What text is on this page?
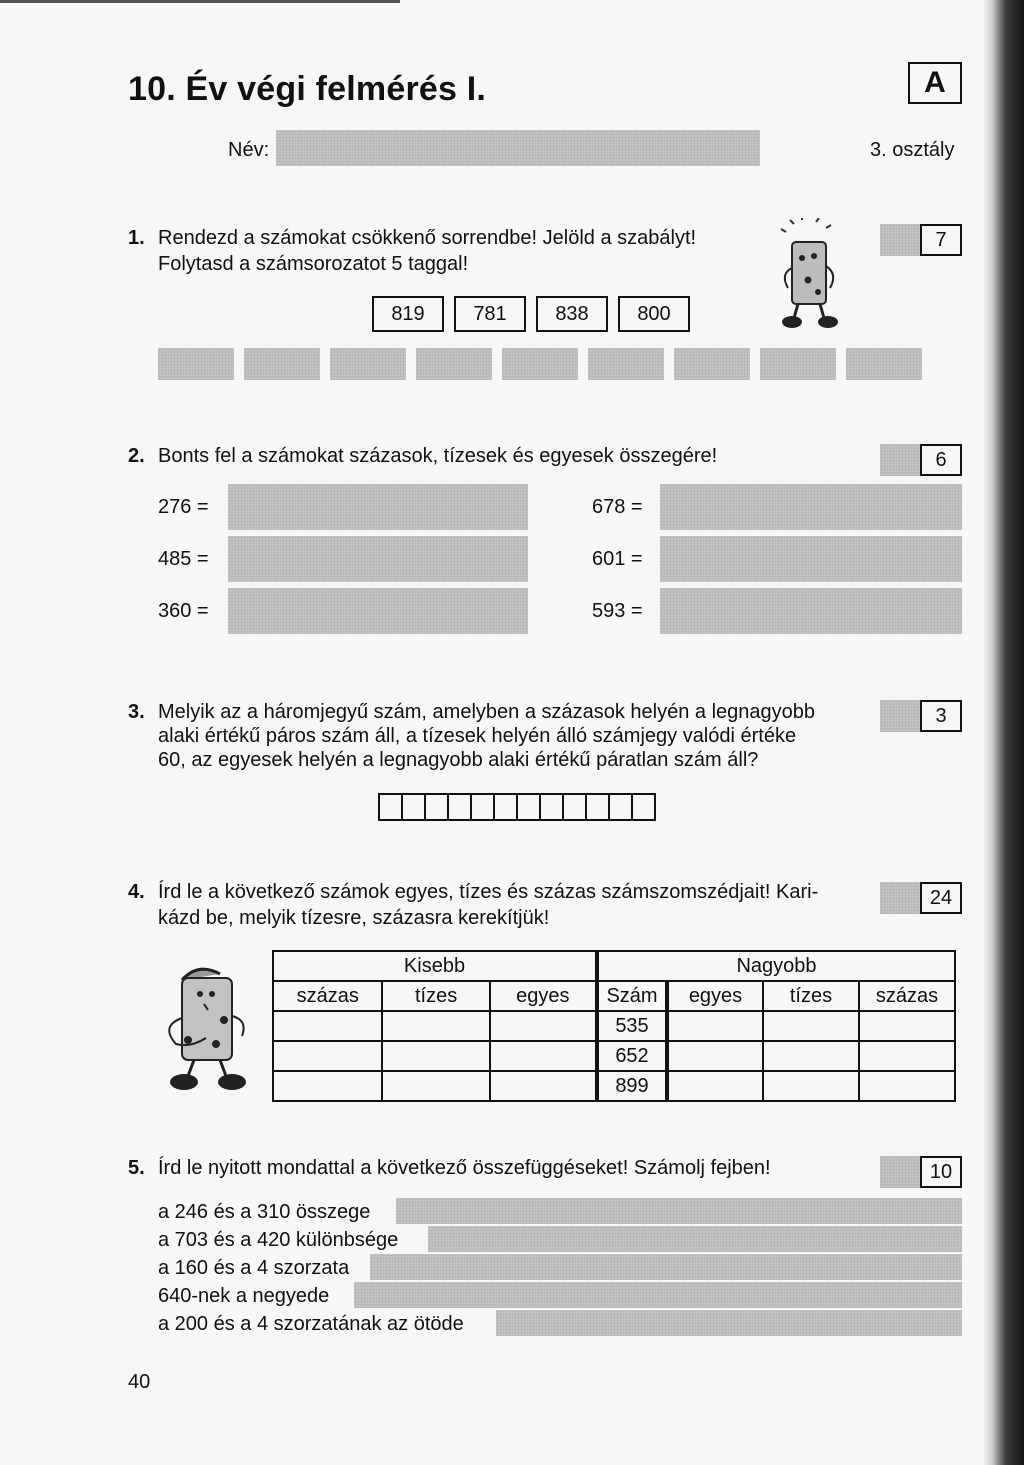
10. Év végi felmérés I.	A
Név:	3. osztály
1. Rendezd a számokat csökkenő sorrendbe! Jelöld a szabályt!
Folytasd a számsorozatot 5 taggal!
7
819	781	838	800
2. Bonts fel a számokat százasok, tízesek és egyesek összegére!	6
276 =
485 =
360 =
678 =
601 =
593 =
3. Melyik az a háromjegyű szám, amelyben a százasok helyén a legnagyobb
alaki értékű páros szám áll, a tízesek helyén álló számjegy valódi értéke
60, az egyesek helyén a legnagyobb alaki értékű páratlan szám áll?
3
4. Írd le a következő számok egyes, tízes és százas számszomszédjait! Kari-
kázd be, melyik tízesre, százasra kerekítjük!
24
Kisebb			Nagyobb			
százas	tízes	egyes	Szám	egyes	tízes	százas
			535			
			652			
			899			
5. Írd le nyitott mondattal a következő összefüggéseket! Számolj fejben!	10
a 246 és a 310 összege
a 703 és a 420 különbsége
a 160 és a 4 szorzata
640-nek a negyede
a 200 és a 4 szorzatának az ötöde
40
